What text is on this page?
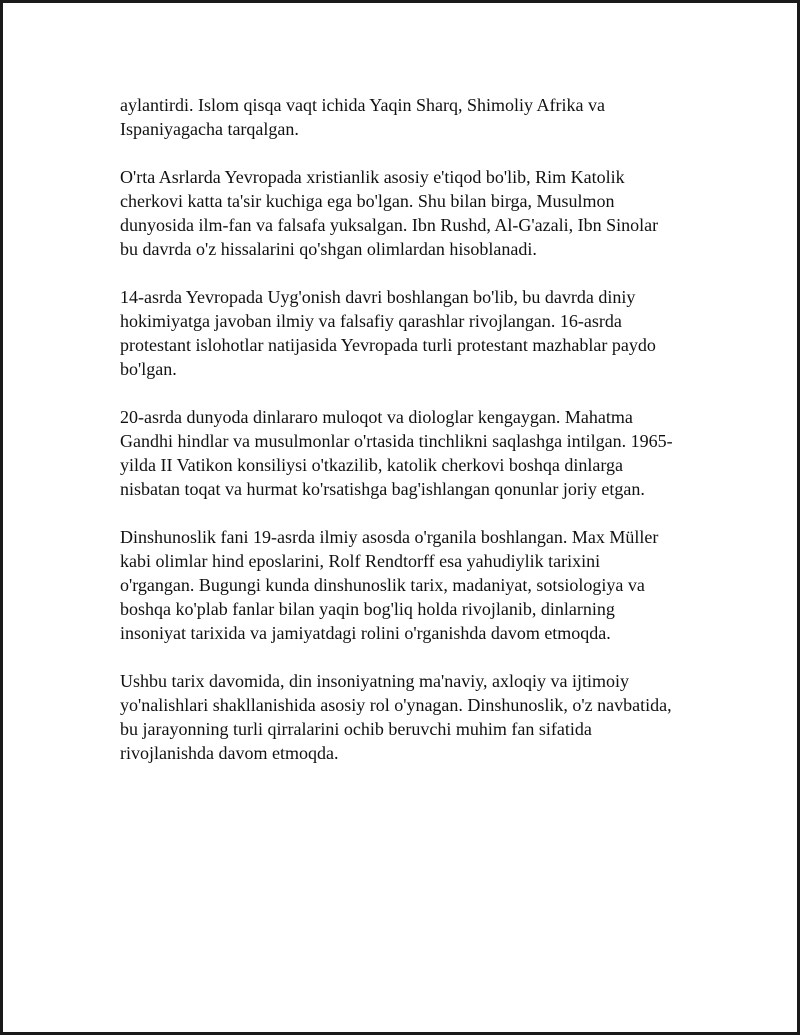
aylantirdi. Islom qisqa vaqt ichida Yaqin Sharq, Shimoliy Afrika va
Ispaniyagacha tarqalgan.

O'rta Asrlarda Yevropada xristianlik asosiy e'tiqod bo'lib, Rim Katolik
cherkovi katta ta'sir kuchiga ega bo'lgan. Shu bilan birga, Musulmon
dunyosida ilm-fan va falsafa yuksalgan. Ibn Rushd, Al-G'azali, Ibn Sinolar
bu davrda o'z hissalarini qo'shgan olimlardan hisoblanadi.

14-asrda Yevropada Uyg'onish davri boshlangan bo'lib, bu davrda diniy
hokimiyatga javoban ilmiy va falsafiy qarashlar rivojlangan. 16-asrda
protestant islohotlar natijasida Yevropada turli protestant mazhablar paydo
bo'lgan.

20-asrda dunyoda dinlararo muloqot va diologlar kengaygan. Mahatma
Gandhi hindlar va musulmonlar o'rtasida tinchlikni saqlashga intilgan. 1965-
yilda II Vatikon konsiliysi o'tkazilib, katolik cherkovi boshqa dinlarga
nisbatan toqat va hurmat ko'rsatishga bag'ishlangan qonunlar joriy etgan.

Dinshunoslik fani 19-asrda ilmiy asosda o'rganila boshlangan. Max Müller
kabi olimlar hind eposlarini, Rolf Rendtorff esa yahudiylik tarixini
o'rgangan. Bugungi kunda dinshunoslik tarix, madaniyat, sotsiologiya va
boshqa ko'plab fanlar bilan yaqin bog'liq holda rivojlanib, dinlarning
insoniyat tarixida va jamiyatdagi rolini o'rganishda davom etmoqda.

Ushbu tarix davomida, din insoniyatning ma'naviy, axloqiy va ijtimoiy
yo'nalishlari shakllanishida asosiy rol o'ynagan. Dinshunoslik, o'z navbatida,
bu jarayonning turli qirralarini ochib beruvchi muhim fan sifatida
rivojlanishda davom etmoqda.
